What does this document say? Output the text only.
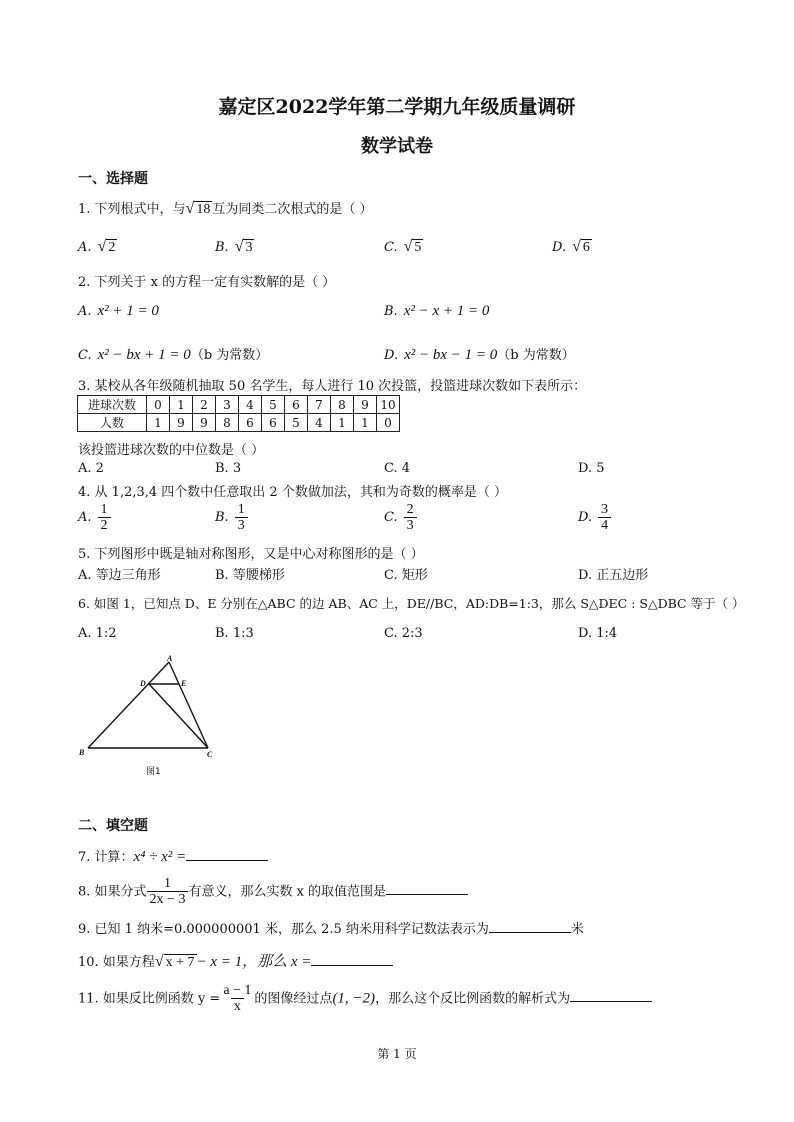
嘉定区2022学年第二学期九年级质量调研
数学试卷
一、选择题
1. 下列根式中，与√ 18 互为同类二次根式的是（ ）
A. √ 2	B. √ 3	C. √ 5	D. √ 6
2. 下列关于 x 的方程一定有实数解的是（ ）
A. x² + 1 = 0	B. x² − x + 1 = 0
C. x² − bx + 1 = 0（b 为常数）	D. x² − bx − 1 = 0（b 为常数）
3. 某校从各年级随机抽取 50 名学生，每人进行 10 次投篮，投篮进球次数如下表所示：
进球次数	0	1	2	3	4	5	6	7	8	9	10
人数	1	9	9	8	6	6	5	4	1	1	0
该投篮进球次数的中位数是（ ）
A. 2	B. 3	C. 4	D. 5
4. 从 1,2,3,4 四个数中任意取出 2 个数做加法，其和为奇数的概率是（ ）
A. $\frac{1}{2}$	B. $\frac{1}{3}$	C. $\frac{2}{3}$	D. $\frac{3}{4}$
5. 下列图形中既是轴对称图形，又是中心对称图形的是（ ）
A. 等边三角形	B. 等腰梯形	C. 矩形	D. 正五边形
6. 如图 1，已知点 D、E 分别在△ABC 的边 AB、AC 上，DE//BC，AD:DB=1:3，那么 S△DEC : S△DBC 等于（ ）
A. 1:2	B. 1:3	C. 2:3	D. 1:4
A
D	E
B	C
图1
二、填空题
7. 计算：x⁴ ÷ x² =
8. 如果分式 $\frac{1}{2x - 3}$ 有意义，那么实数 x 的取值范围是
9. 已知 1 纳米=0.000000001 米，那么 2.5 纳米用科学记数法表示为	米
10. 如果方程√ x + 7 − x = 1，那么 x =
11. 如果反比例函数 $y = \frac{a - 1}{x}$ 的图像经过点(1, −2)，那么这个反比例函数的解析式为
第 1 页
